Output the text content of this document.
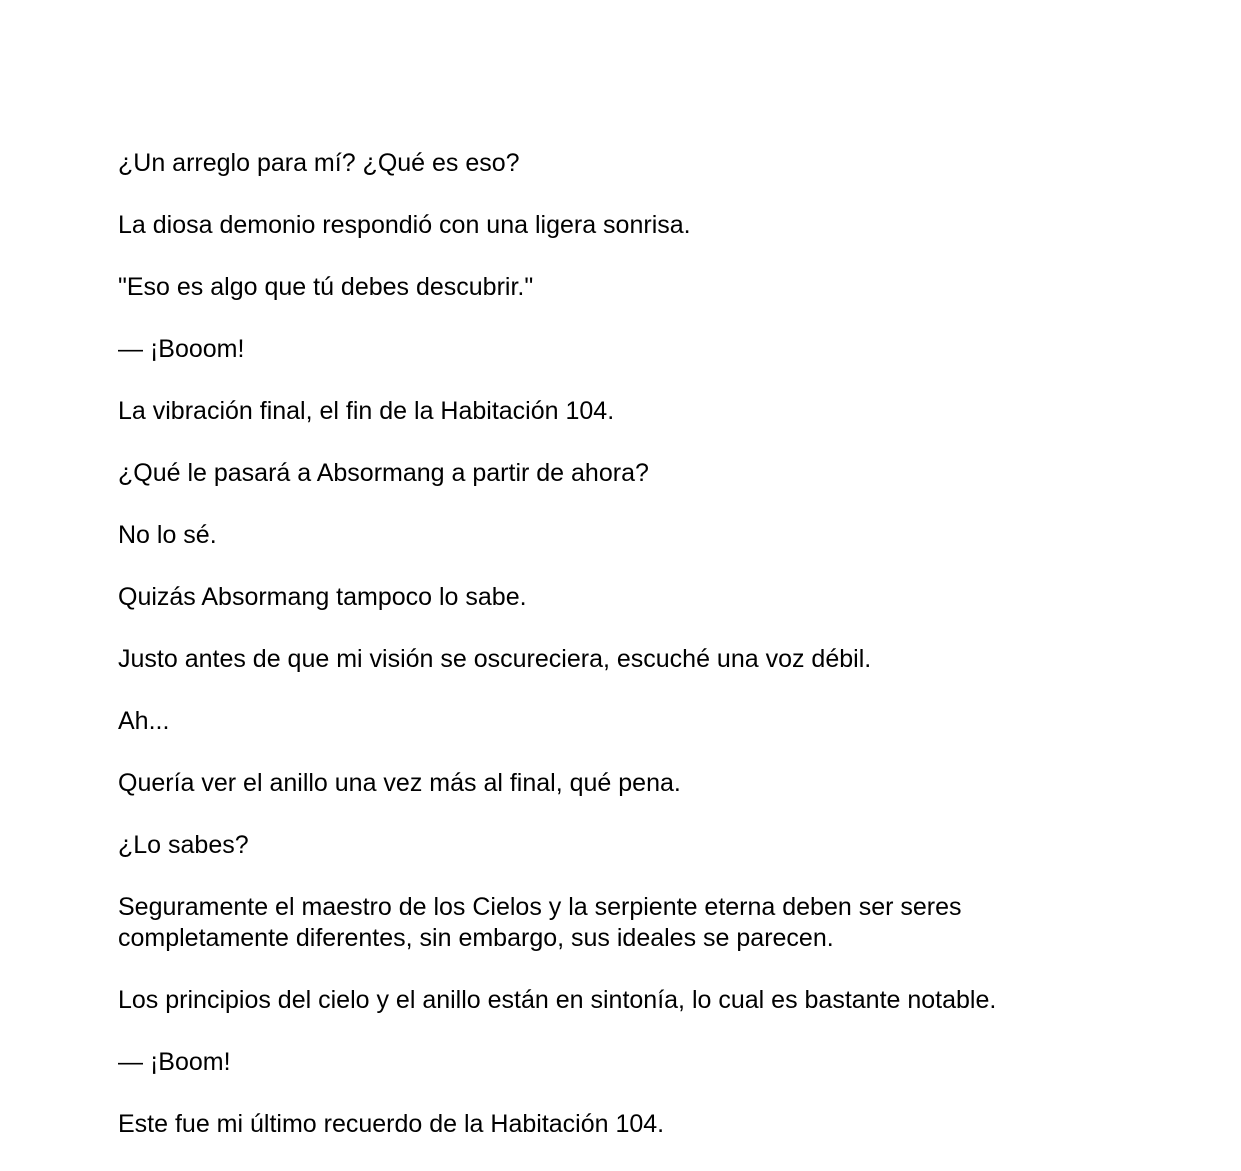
¿Un arreglo para mí? ¿Qué es eso?

La diosa demonio respondió con una ligera sonrisa.

"Eso es algo que tú debes descubrir."

— ¡Booom!

La vibración final, el fin de la Habitación 104.

¿Qué le pasará a Absormang a partir de ahora?

No lo sé.

Quizás Absormang tampoco lo sabe.

Justo antes de que mi visión se oscureciera, escuché una voz débil.

Ah...

Quería ver el anillo una vez más al final, qué pena.

¿Lo sabes?

Seguramente el maestro de los Cielos y la serpiente eterna deben ser seres completamente diferentes, sin embargo, sus ideales se parecen.

Los principios del cielo y el anillo están en sintonía, lo cual es bastante notable.

— ¡Boom!

Este fue mi último recuerdo de la Habitación 104.
